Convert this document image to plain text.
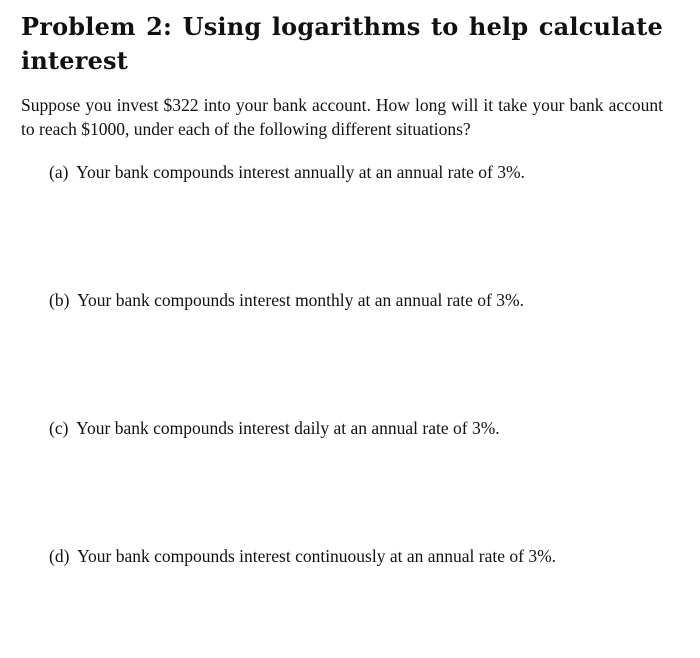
Problem 2: Using logarithms to help calculate interest

Suppose you invest $322 into your bank account. How long will it take your bank account to reach $1000, under each of the following different situations?

(a) Your bank compounds interest annually at an annual rate of 3%.

(b) Your bank compounds interest monthly at an annual rate of 3%.

(c) Your bank compounds interest daily at an annual rate of 3%.

(d) Your bank compounds interest continuously at an annual rate of 3%.
